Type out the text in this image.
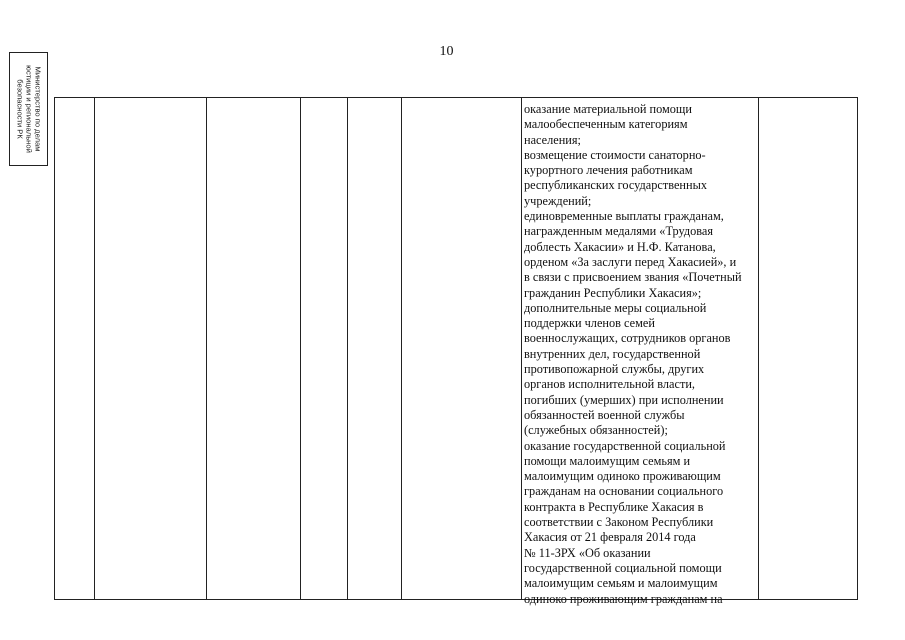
10
Министерство по делам
юстиции и региональной
безопасности РК	оказание материальной помощи
малообеспеченным категориям
населения;
возмещение стоимости санаторно-
курортного лечения работникам
республиканских государственных
учреждений;
единовременные выплаты гражданам,
награжденным медалями «Трудовая
доблесть Хакасии» и Н.Ф. Катанова,
орденом «За заслуги перед Хакасией», и
в связи с присвоением звания «Почетный
гражданин Республики Хакасия»;
дополнительные меры социальной
поддержки членов семей
военнослужащих, сотрудников органов
внутренних дел, государственной
противопожарной службы, других
органов исполнительной власти,
погибших (умерших) при исполнении
обязанностей военной службы
(служебных обязанностей);
оказание государственной социальной
помощи малоимущим семьям и
малоимущим одиноко проживающим
гражданам на основании социального
контракта в Республике Хакасия в
соответствии с Законом Республики
Хакасия от 21 февраля 2014 года
№ 11-ЗРХ «Об оказании
государственной социальной помощи
малоимущим семьям и малоимущим
одиноко проживающим гражданам на
